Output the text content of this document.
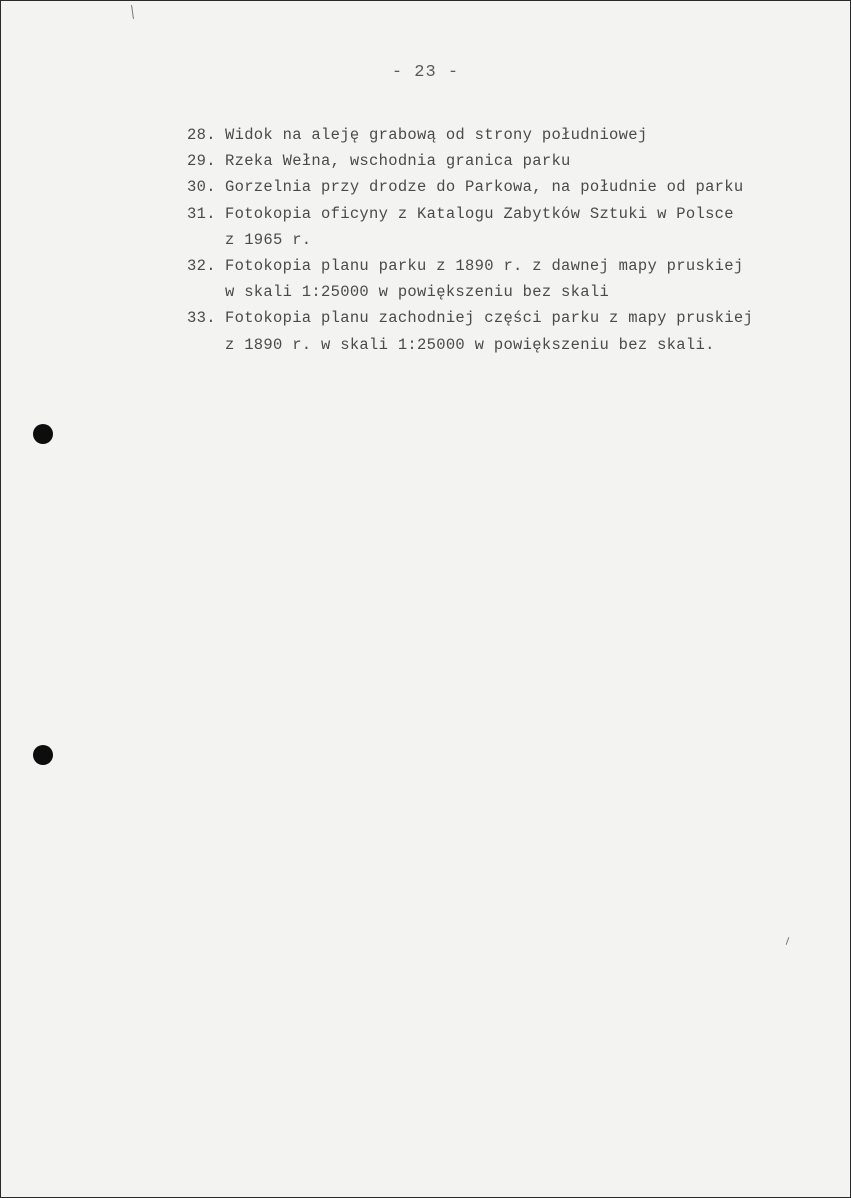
- 23 -
28. Widok na aleję grabową od strony południowej
29. Rzeka Wełna, wschodnia granica parku
30. Gorzelnia przy drodze do Parkowa, na południe od parku
31. Fotokopia oficyny z Katalogu Zabytków Sztuki w Polsce
z 1965 r.
32. Fotokopia planu parku z 1890 r. z dawnej mapy pruskiej
w skali 1:25000 w powiększeniu bez skali
33. Fotokopia planu zachodniej części parku z mapy pruskiej
z 1890 r. w skali 1:25000 w powiększeniu bez skali.
